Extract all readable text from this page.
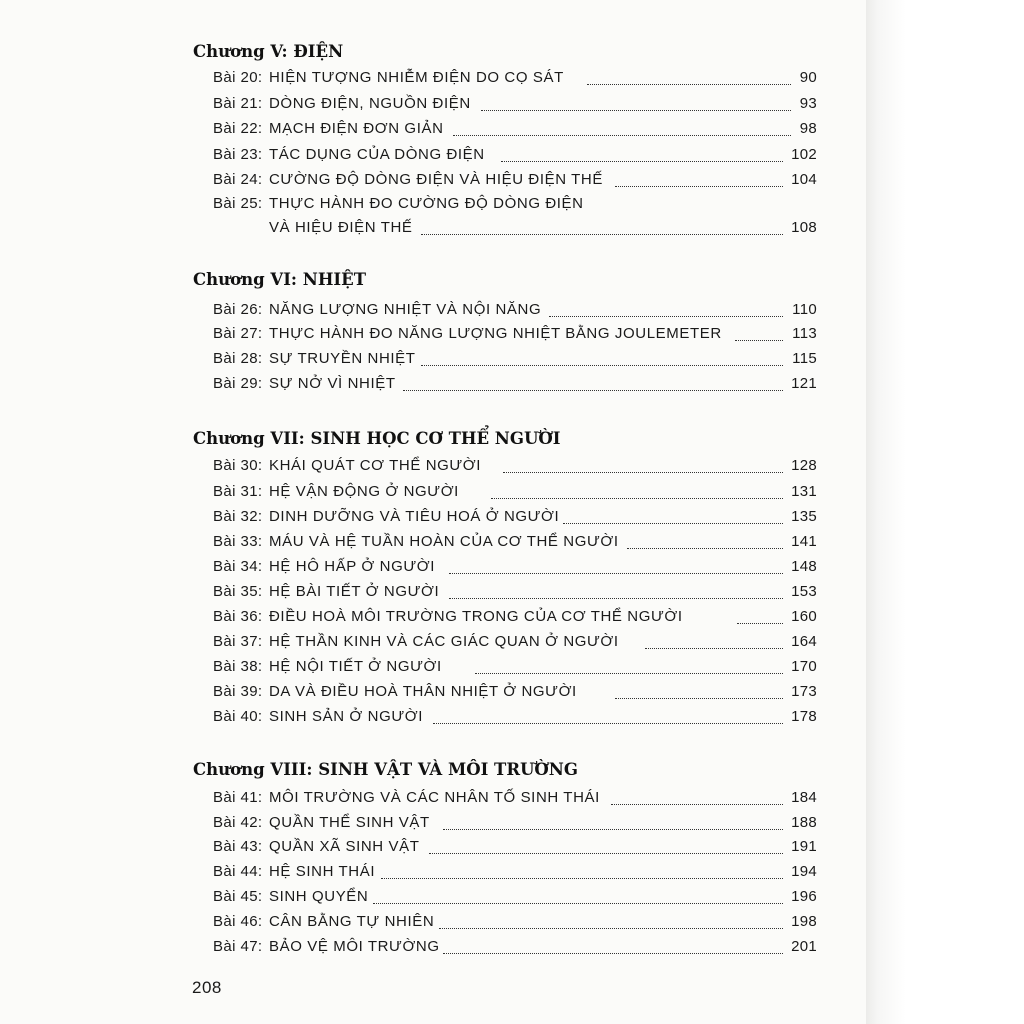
Chương V: ĐIỆN
Bài 20: HIỆN TƯỢNG NHIỄM ĐIỆN DO CỌ SÁT	90
Bài 21: DÒNG ĐIỆN, NGUỒN ĐIỆN	93
Bài 22: MẠCH ĐIỆN ĐƠN GIẢN	98
Bài 23: TÁC DỤNG CỦA DÒNG ĐIỆN	102
Bài 24: CƯỜNG ĐỘ DÒNG ĐIỆN VÀ HIỆU ĐIỆN THẾ	104
Bài 25: THỰC HÀNH ĐO CƯỜNG ĐỘ DÒNG ĐIỆN
VÀ HIỆU ĐIỆN THẾ	108
Chương VI: NHIỆT
Bài 26: NĂNG LƯỢNG NHIỆT VÀ NỘI NĂNG	110
Bài 27: THỰC HÀNH ĐO NĂNG LƯỢNG NHIỆT BẰNG JOULEMETER	113
Bài 28: SỰ TRUYỀN NHIỆT	115
Bài 29: SỰ NỞ VÌ NHIỆT	121
Chương VII: SINH HỌC CƠ THỂ NGƯỜI
Bài 30: KHÁI QUÁT CƠ THỂ NGƯỜI	128
Bài 31: HỆ VẬN ĐỘNG Ở NGƯỜI	131
Bài 32: DINH DƯỠNG VÀ TIÊU HOÁ Ở NGƯỜI	135
Bài 33: MÁU VÀ HỆ TUẦN HOÀN CỦA CƠ THỂ NGƯỜI	141
Bài 34: HỆ HÔ HẤP Ở NGƯỜI	148
Bài 35: HỆ BÀI TIẾT Ở NGƯỜI	153
Bài 36: ĐIỀU HOÀ MÔI TRƯỜNG TRONG CỦA CƠ THỂ NGƯỜI	160
Bài 37: HỆ THẦN KINH VÀ CÁC GIÁC QUAN Ở NGƯỜI	164
Bài 38: HỆ NỘI TIẾT Ở NGƯỜI	170
Bài 39: DA VÀ ĐIỀU HOÀ THÂN NHIỆT Ở NGƯỜI	173
Bài 40: SINH SẢN Ở NGƯỜI	178
Chương VIII: SINH VẬT VÀ MÔI TRƯỜNG
Bài 41: MÔI TRƯỜNG VÀ CÁC NHÂN TỐ SINH THÁI	184
Bài 42: QUẦN THỂ SINH VẬT	188
Bài 43: QUẦN XÃ SINH VẬT	191
Bài 44: HỆ SINH THÁI	194
Bài 45: SINH QUYỂN	196
Bài 46: CÂN BẰNG TỰ NHIÊN	198
Bài 47: BẢO VỆ MÔI TRƯỜNG	201
208
